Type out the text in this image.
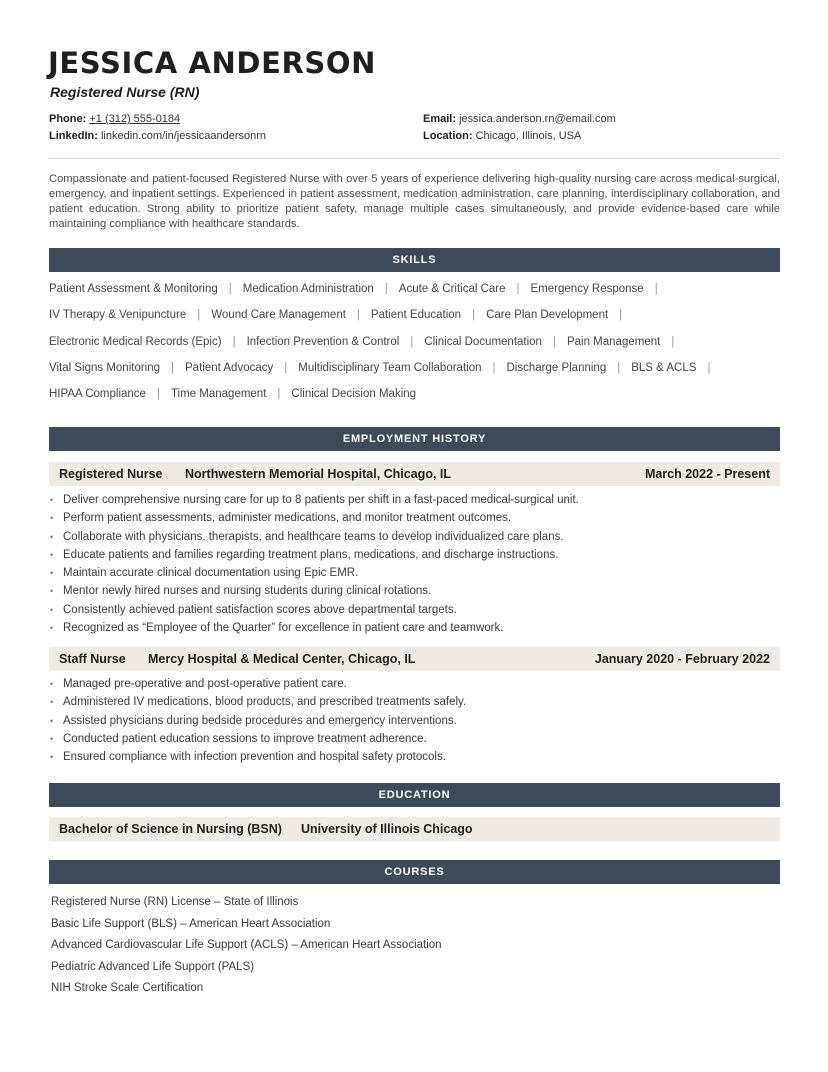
JESSICA ANDERSON
Registered Nurse (RN)
Phone: +1 (312) 555-0184
LinkedIn: linkedin.com/in/jessicaandersonrn
Email: jessica.anderson.rn@email.com
Location: Chicago, Illinois, USA
Compassionate and patient-focused Registered Nurse with over 5 years of experience delivering high-quality nursing care across medical-surgical, emergency, and inpatient settings. Experienced in patient assessment, medication administration, care planning, interdisciplinary collaboration, and patient education. Strong ability to prioritize patient safety, manage multiple cases simultaneously, and provide evidence-based care while maintaining compliance with healthcare standards.
SKILLS
Patient Assessment & Monitoring | Medication Administration | Acute & Critical Care | Emergency Response |
IV Therapy & Venipuncture | Wound Care Management | Patient Education | Care Plan Development |
Electronic Medical Records (Epic) | Infection Prevention & Control | Clinical Documentation | Pain Management |
Vital Signs Monitoring | Patient Advocacy | Multidisciplinary Team Collaboration | Discharge Planning | BLS & ACLS |
HIPAA Compliance | Time Management | Clinical Decision Making
EMPLOYMENT HISTORY
Registered Nurse Northwestern Memorial Hospital, Chicago, IL	March 2022 - Present
• Deliver comprehensive nursing care for up to 8 patients per shift in a fast-paced medical-surgical unit.
• Perform patient assessments, administer medications, and monitor treatment outcomes.
• Collaborate with physicians, therapists, and healthcare teams to develop individualized care plans.
• Educate patients and families regarding treatment plans, medications, and discharge instructions.
• Maintain accurate clinical documentation using Epic EMR.
• Mentor newly hired nurses and nursing students during clinical rotations.
• Consistently achieved patient satisfaction scores above departmental targets.
• Recognized as “Employee of the Quarter” for excellence in patient care and teamwork.
Staff Nurse Mercy Hospital & Medical Center, Chicago, IL	January 2020 - February 2022
• Managed pre-operative and post-operative patient care.
• Administered IV medications, blood products, and prescribed treatments safely.
• Assisted physicians during bedside procedures and emergency interventions.
• Conducted patient education sessions to improve treatment adherence.
• Ensured compliance with infection prevention and hospital safety protocols.
EDUCATION
Bachelor of Science in Nursing (BSN) University of Illinois Chicago
COURSES
Registered Nurse (RN) License – State of Illinois
Basic Life Support (BLS) – American Heart Association
Advanced Cardiovascular Life Support (ACLS) – American Heart Association
Pediatric Advanced Life Support (PALS)
NIH Stroke Scale Certification
